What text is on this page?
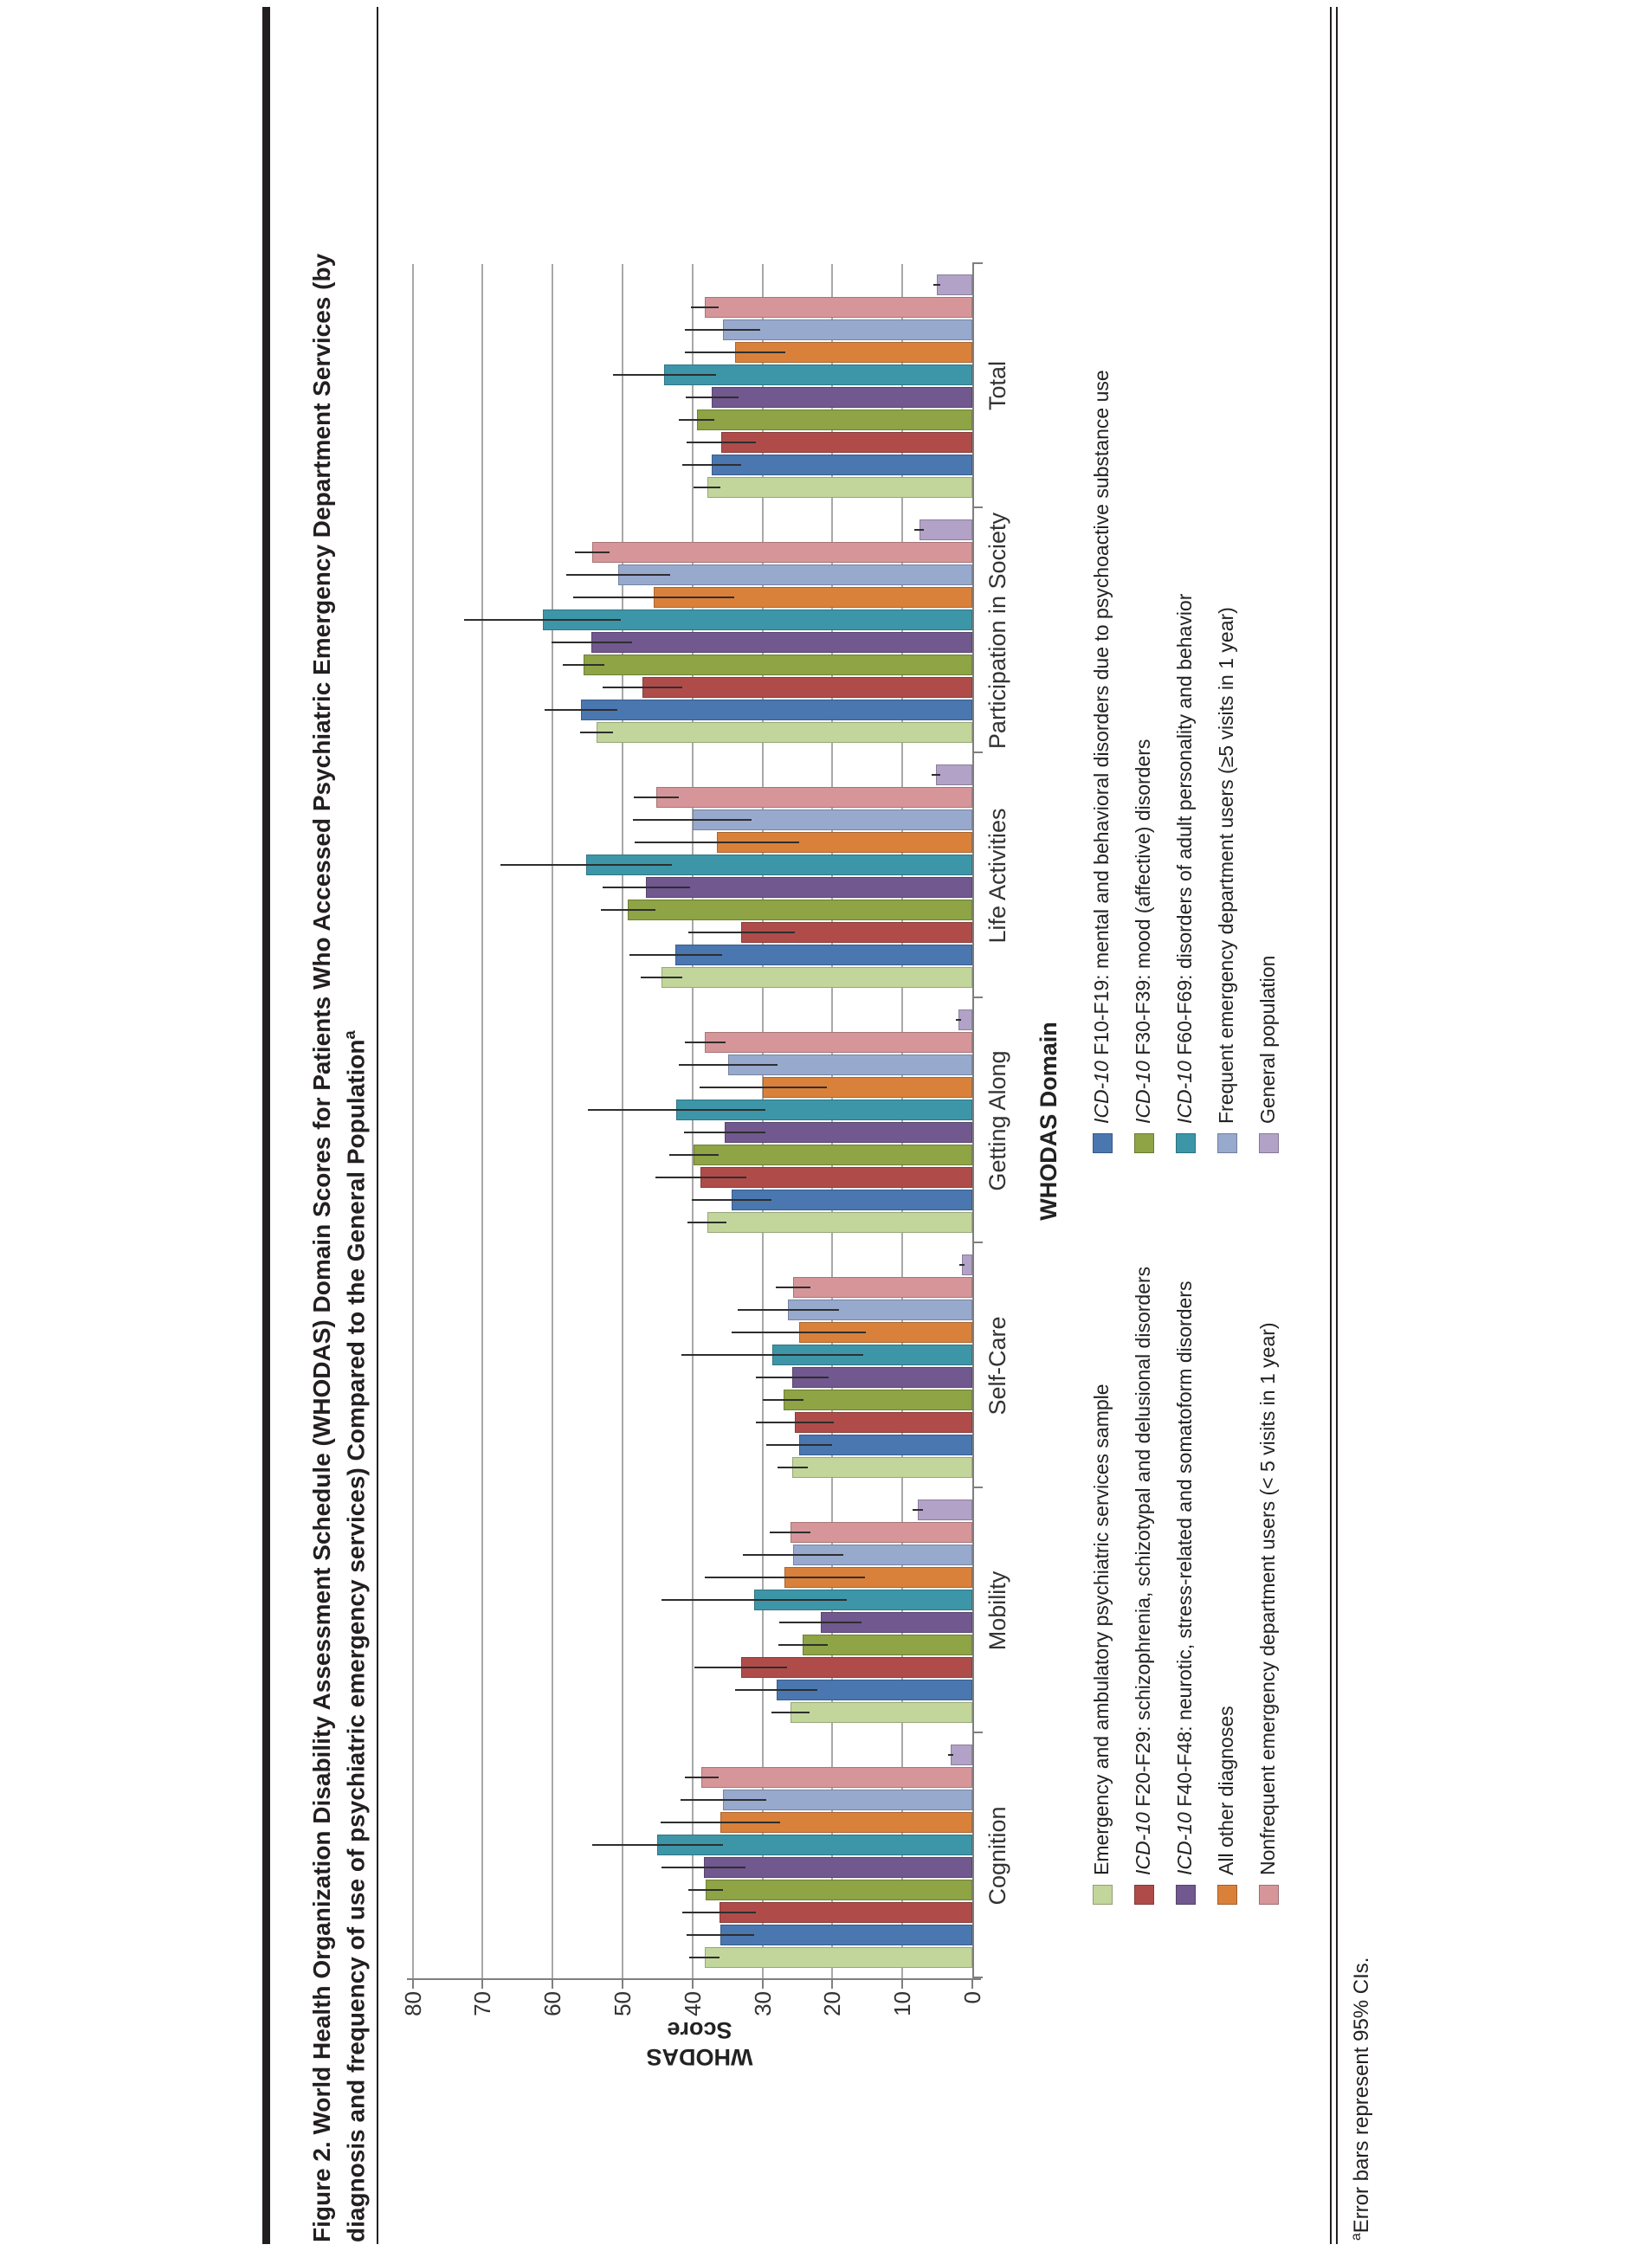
Figure 2. World Health Organization Disability Assessment Schedule (WHODAS) Domain Scores for Patients Who Accessed Psychiatric Emergency Department Services (by diagnosis and frequency of use of psychiatric emergency services) Compared to the General Population$^a$
0
10
20
30
40
50
60
70
80
Cognition
Mobility
Self-Care
Getting Along
Life Activities
Participation in Society
Total
WHODAS Domain
WHODAS Score
Emergency and ambulatory psychiatric services sample
ICD-10 F10-F19: mental and behavioral disorders due to psychoactive substance use
ICD-10 F20-F29: schizophrenia, schizotypal and delusional disorders
ICD-10 F30-F39: mood (affective) disorders
ICD-10 F40-F48: neurotic, stress-related and somatoform disorders
ICD-10 F60-F69: disorders of adult personality and behavior
All other diagnoses
Frequent emergency department users (≥5 visits in 1 year)
Nonfrequent emergency department users (< 5 visits in 1 year)
General population
$^a$Error bars represent 95% CIs.
